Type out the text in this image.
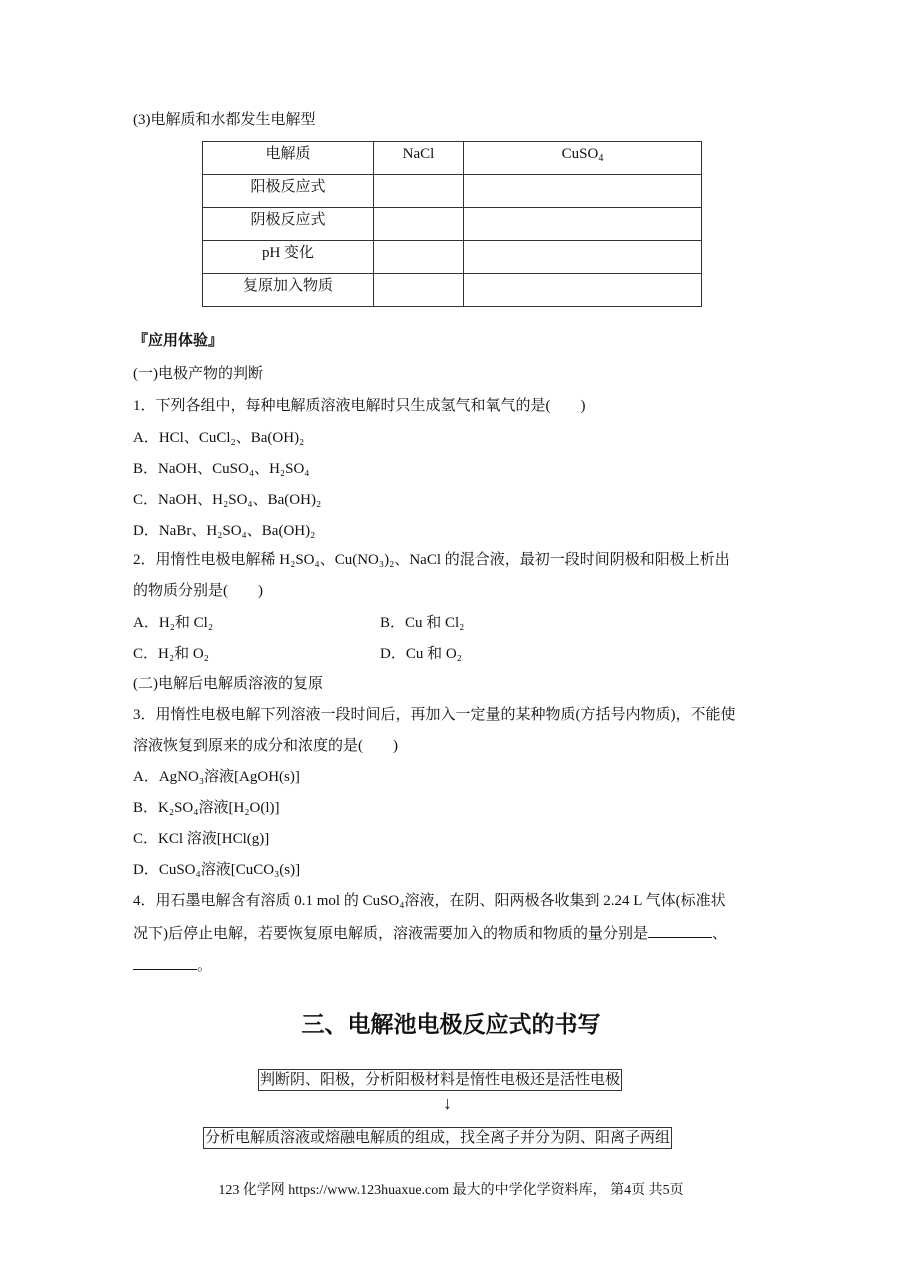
(3)电解质和水都发生电解型
电解质	NaCl	CuSO$_4$
阳极反应式		
阴极反应式		
pH 变化		
复原加入物质		
『应用体验』
(一)电极产物的判断
1．下列各组中，每种电解质溶液电解时只生成氢气和氧气的是(　　)
A．HCl、CuCl₂、Ba(OH)₂
B．NaOH、CuSO₄、H₂SO₄
C．NaOH、H₂SO₄、Ba(OH)₂
D．NaBr、H₂SO₄、Ba(OH)₂
2．用惰性电极电解稀 H₂SO₄、Cu(NO₃)₂、NaCl 的混合液，最初一段时间阴极和阳极上析出
的物质分别是(　　)
A．H₂和 Cl₂	B．Cu 和 Cl₂
C．H₂和 O₂	D．Cu 和 O₂
(二)电解后电解质溶液的复原
3．用惰性电极电解下列溶液一段时间后，再加入一定量的某种物质(方括号内物质)，不能使
溶液恢复到原来的成分和浓度的是(　　)
A．AgNO₃溶液[AgOH(s)]
B．K₂SO₄溶液[H₂O(l)]
C．KCl 溶液[HCl(g)]
D．CuSO₄溶液[CuCO₃(s)]
4．用石墨电解含有溶质 0.1 mol 的 CuSO₄溶液，在阴、阳两极各收集到 2.24 L 气体(标准状
况下)后停止电解，若要恢复原电解质，溶液需要加入的物质和物质的量分别是	、
。
三、电解池电极反应式的书写
判断阴、阳极，分析阳极材料是惰性电极还是活性电极
↓
分析电解质溶液或熔融电解质的组成，找全离子并分为阴、阳离子两组
123 化学网 https://www.123huaxue.com 最大的中学化学资料库， 第4页 共5页
